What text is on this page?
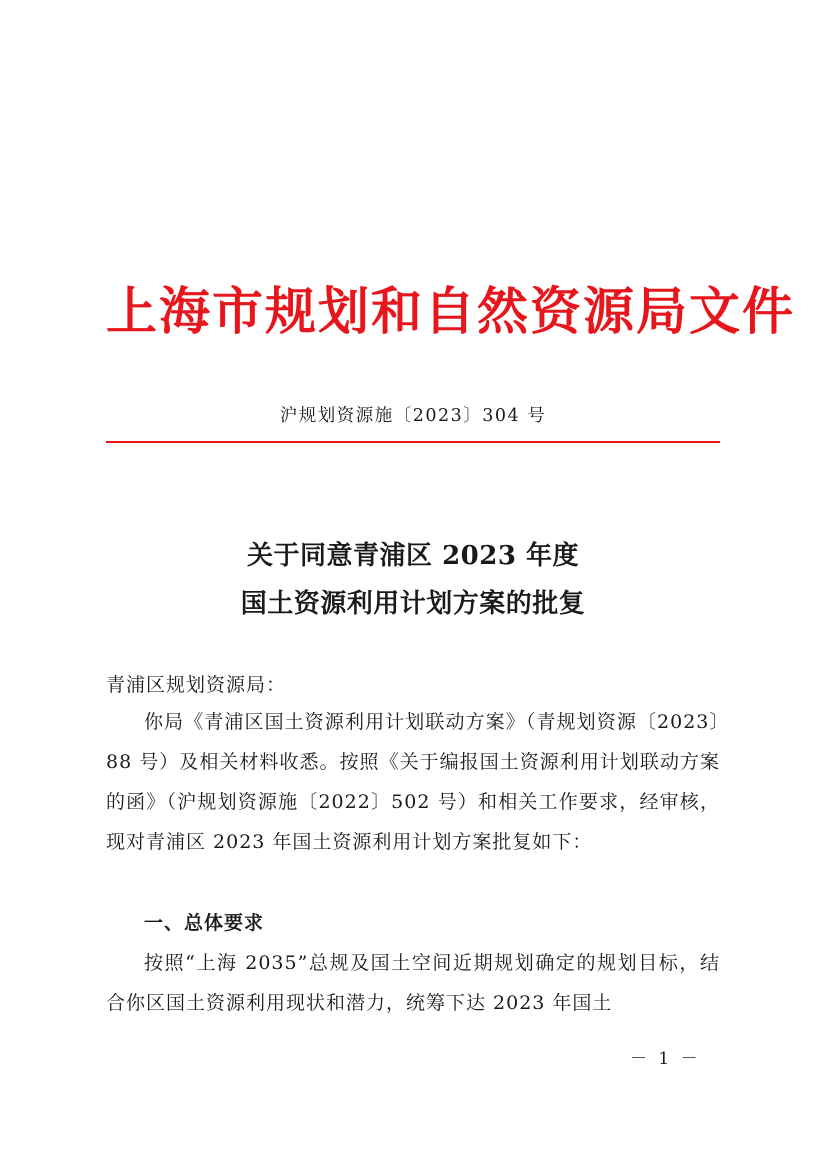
上海市规划和自然资源局文件
沪规划资源施〔2023〕304 号
关于同意青浦区 2023 年度
国土资源利用计划方案的批复
青浦区规划资源局：

你局《青浦区国土资源利用计划联动方案》（青规划资源〔2023〕88 号）及相关材料收悉。按照《关于编报国土资源利用计划联动方案的函》（沪规划资源施〔2022〕502 号）和相关工作要求，经审核，现对青浦区 2023 年国土资源利用计划方案批复如下：

一、总体要求

按照“上海 2035”总规及国土空间近期规划确定的规划目标，结合你区国土资源利用现状和潜力，统筹下达 2023 年国土

－ 1 －
